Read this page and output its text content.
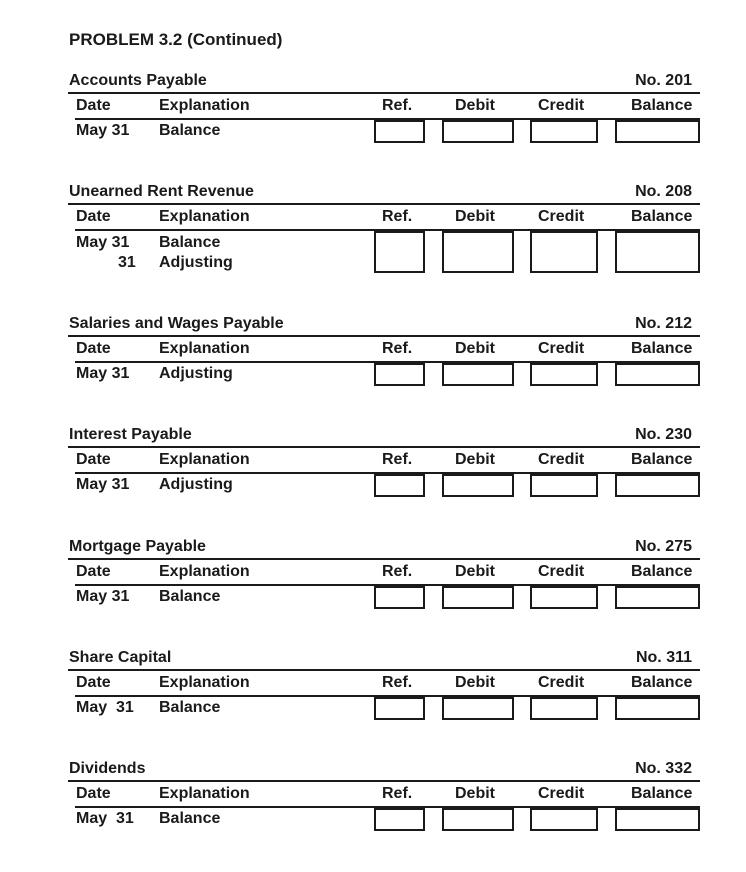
PROBLEM 3.2 (Continued)
Accounts Payable	No. 201
Date	Explanation	Ref.	Debit	Credit	Balance
May 31 Balance
Unearned Rent Revenue	No. 208
Date	Explanation	Ref.	Debit	Credit	Balance
May 31 Balance
31 Adjusting
Salaries and Wages Payable	No. 212
Date	Explanation	Ref.	Debit	Credit	Balance
May 31 Adjusting
Interest Payable	No. 230
Date	Explanation	Ref.	Debit	Credit	Balance
May 31 Adjusting
Mortgage Payable	No. 275
Date	Explanation	Ref.	Debit	Credit	Balance
May 31 Balance
Share Capital	No. 311
Date	Explanation	Ref.	Debit	Credit	Balance
May  31 Balance
Dividends	No. 332
Date	Explanation	Ref.	Debit	Credit	Balance
May  31 Balance
